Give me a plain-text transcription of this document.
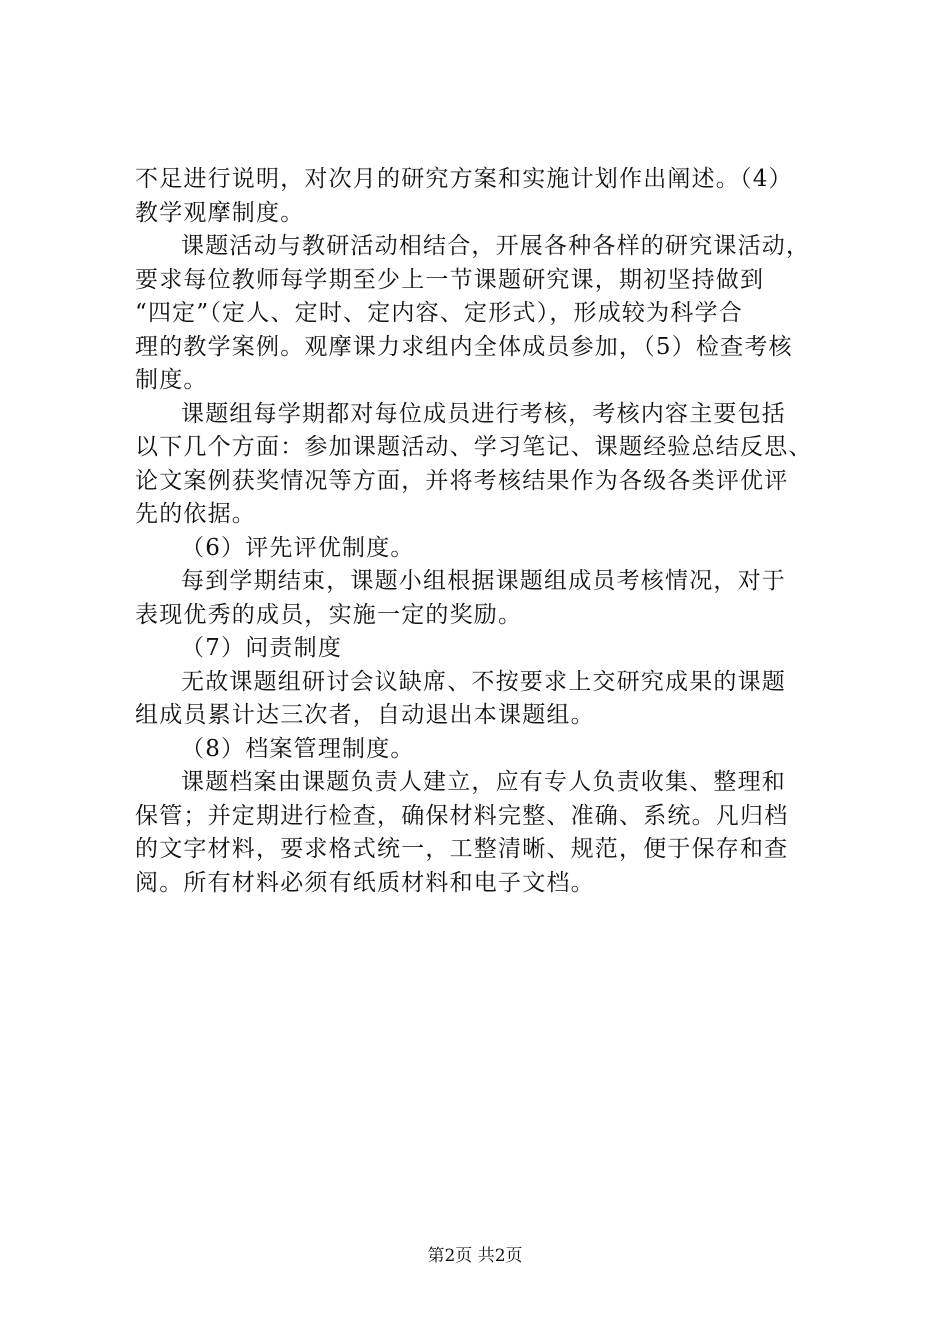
不足进行说明，对次月的研究方案和实施计划作出阐述。（4）
教学观摩制度。
课题活动与教研活动相结合，开展各种各样的研究课活动，
要求每位教师每学期至少上一节课题研究课，期初坚持做到
“四定”（定人、定时、定内容、定形式），形成较为科学合
理的教学案例。观摩课力求组内全体成员参加，（5）检查考核
制度。
课题组每学期都对每位成员进行考核，考核内容主要包括
以下几个方面：参加课题活动、学习笔记、课题经验总结反思、
论文案例获奖情况等方面，并将考核结果作为各级各类评优评
先的依据。
（6）评先评优制度。
每到学期结束，课题小组根据课题组成员考核情况，对于
表现优秀的成员，实施一定的奖励。
（7）问责制度
无故课题组研讨会议缺席、不按要求上交研究成果的课题
组成员累计达三次者，自动退出本课题组。
（8）档案管理制度。
课题档案由课题负责人建立，应有专人负责收集、整理和
保管；并定期进行检查，确保材料完整、准确、系统。凡归档
的文字材料，要求格式统一，工整清晰、规范，便于保存和查
阅。所有材料必须有纸质材料和电子文档。
第2页 共2页
